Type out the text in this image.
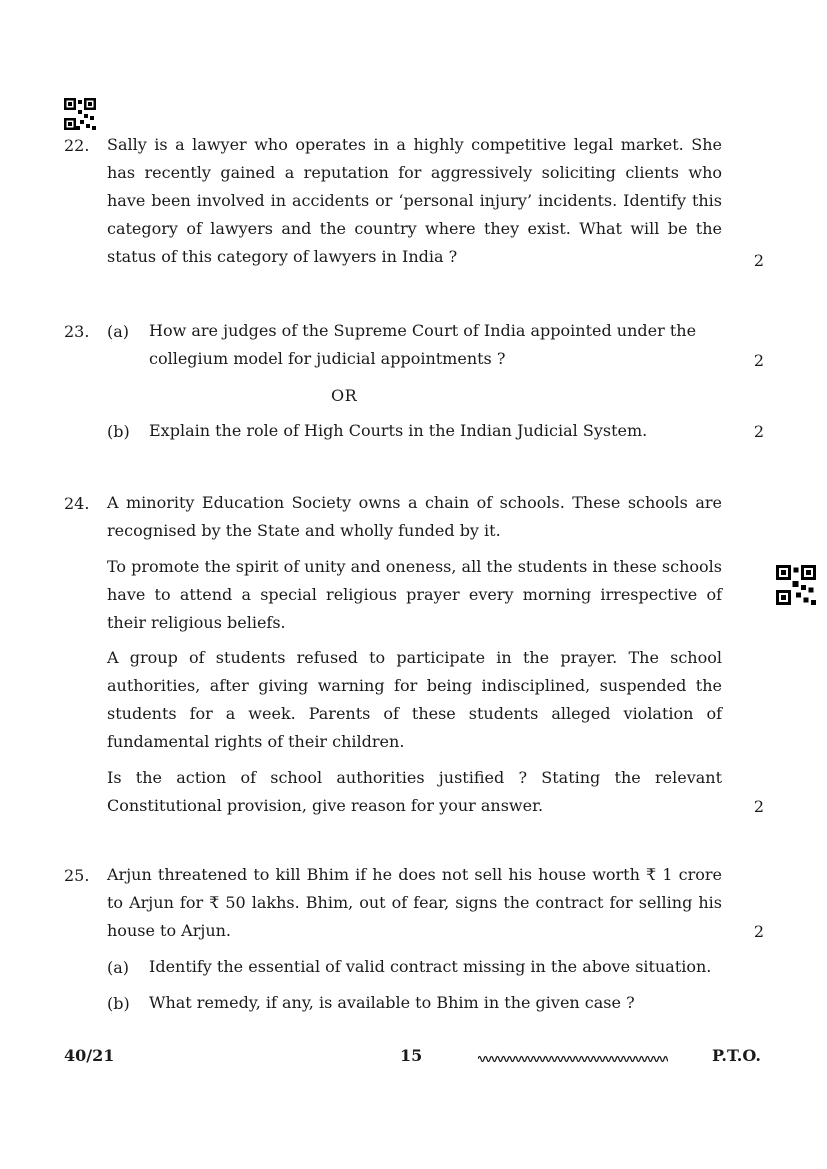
22. Sally is a lawyer who operates in a highly competitive legal market. She has recently gained a reputation for aggressively soliciting clients who have been involved in accidents or ‘personal injury’ incidents. Identify this category of lawyers and the country where they exist. What will be the status of this category of lawyers in India ?	2
23. (a) How are judges of the Supreme Court of India appointed under the collegium model for judicial appointments ?	2
OR
(b) Explain the role of High Courts in the Indian Judicial System.	2
24. A minority Education Society owns a chain of schools. These schools are recognised by the State and wholly funded by it.
To promote the spirit of unity and oneness, all the students in these schools have to attend a special religious prayer every morning irrespective of their religious beliefs.
A group of students refused to participate in the prayer. The school authorities, after giving warning for being indisciplined, suspended the students for a week. Parents of these students alleged violation of fundamental rights of their children.
Is the action of school authorities justified ? Stating the relevant Constitutional provision, give reason for your answer.	2
25. Arjun threatened to kill Bhim if he does not sell his house worth ₹ 1 crore to Arjun for ₹ 50 lakhs. Bhim, out of fear, signs the contract for selling his house to Arjun.	2
(a) Identify the essential of valid contract missing in the above situation.
(b) What remedy, if any, is available to Bhim in the given case ?
40/21	15	P.T.O.
